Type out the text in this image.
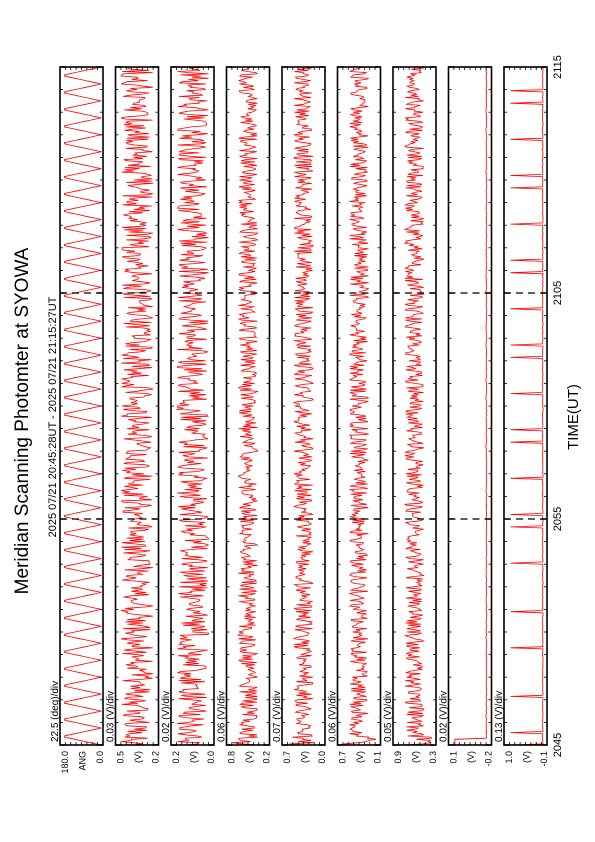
Meridian Scanning Photomter at SYOWA 2025 07/21 20:45:28UT - 2025 07/21 21:15:27UT	TIME(UT)
180.0	0.0
ANG
22.5 (deg)/div
0.5	0.2
(V)
0.03 (V)/div
0.2	0.0
(V)
0.02 (V)/div
0.8	0.2
(V)
0.06 (V)/div
0.7	0.0
(V)
0.07 (V)/div
0.7	0.1
(V)
0.06 (V)/div
0.9	0.3
(V)
0.05 (V)/div
0.1	-0.2
(V)
0.02 (V)/div
1.0	-0.1
(V)
0.13 (V)/div
2045
2055
2105
2115
